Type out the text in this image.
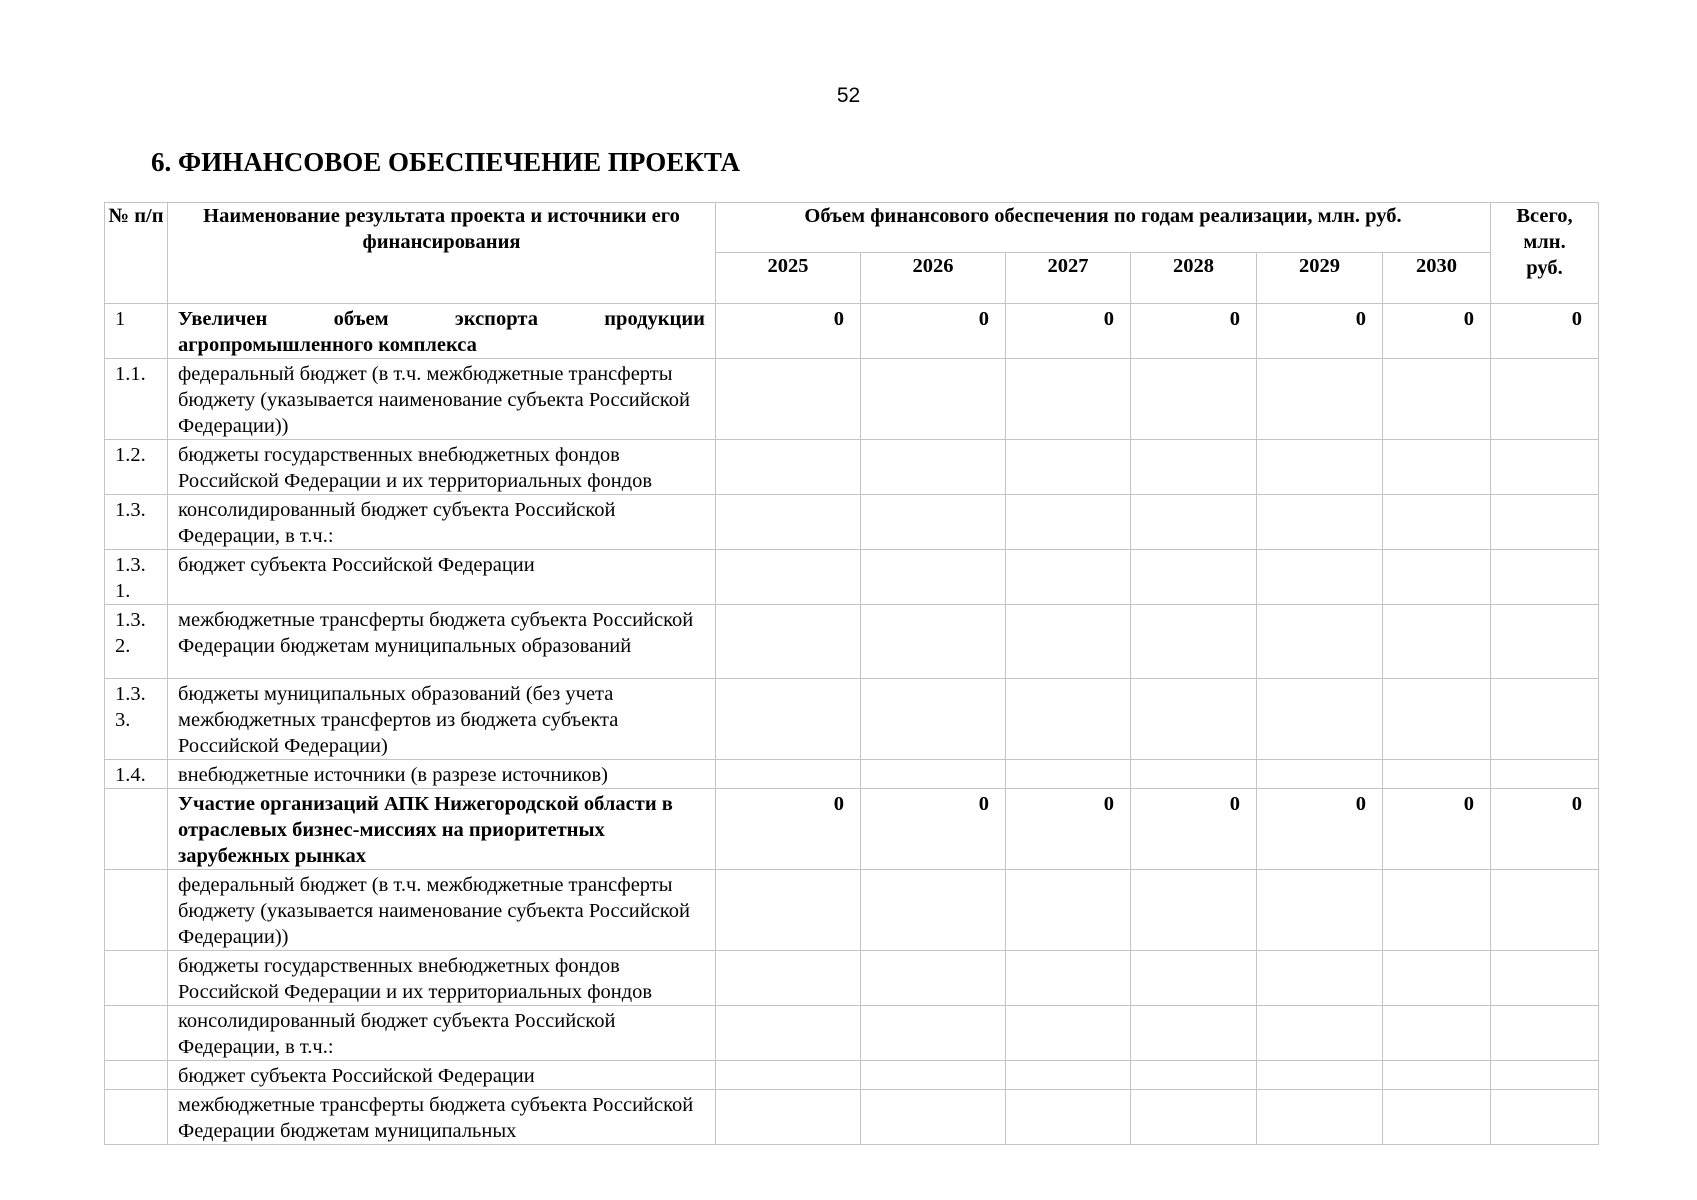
52
6. ФИНАНСОВОЕ ОБЕСПЕЧЕНИЕ ПРОЕКТА
№ п/п	Наименование результата проекта и источники его финансирования	Объем финансового обеспечения по годам реализации, млн. руб.						Всего, млн. руб.
		2025	2026	2027	2028	2029	2030	
1	Увеличен объем экспорта продукции агропромышленного комплекса	0	0	0	0	0	0	0
1.1.	федеральный бюджет (в т.ч. межбюджетные трансферты бюджету (указывается наименование субъекта Российской Федерации))							
1.2.	бюджеты государственных внебюджетных фондов Российской Федерации и их территориальных фондов							
1.3.	консолидированный бюджет субъекта Российской Федерации, в т.ч.:							
1.3. 1.	бюджет субъекта Российской Федерации							
1.3. 2.	межбюджетные трансферты бюджета субъекта Российской Федерации бюджетам муниципальных образований							
1.3. 3.	бюджеты муниципальных образований (без учета межбюджетных трансфертов из бюджета субъекта Российской Федерации)							
1.4.	внебюджетные источники (в разрезе источников)							
	Участие организаций АПК Нижегородской области в отраслевых бизнес-миссиях на приоритетных зарубежных рынках	0	0	0	0	0	0	0
	федеральный бюджет (в т.ч. межбюджетные трансферты бюджету (указывается наименование субъекта Российской Федерации))							
	бюджеты государственных внебюджетных фондов Российской Федерации и их территориальных фондов							
	консолидированный бюджет субъекта Российской Федерации, в т.ч.:							
	бюджет субъекта Российской Федерации							
	межбюджетные трансферты бюджета субъекта Российской Федерации бюджетам муниципальных							
